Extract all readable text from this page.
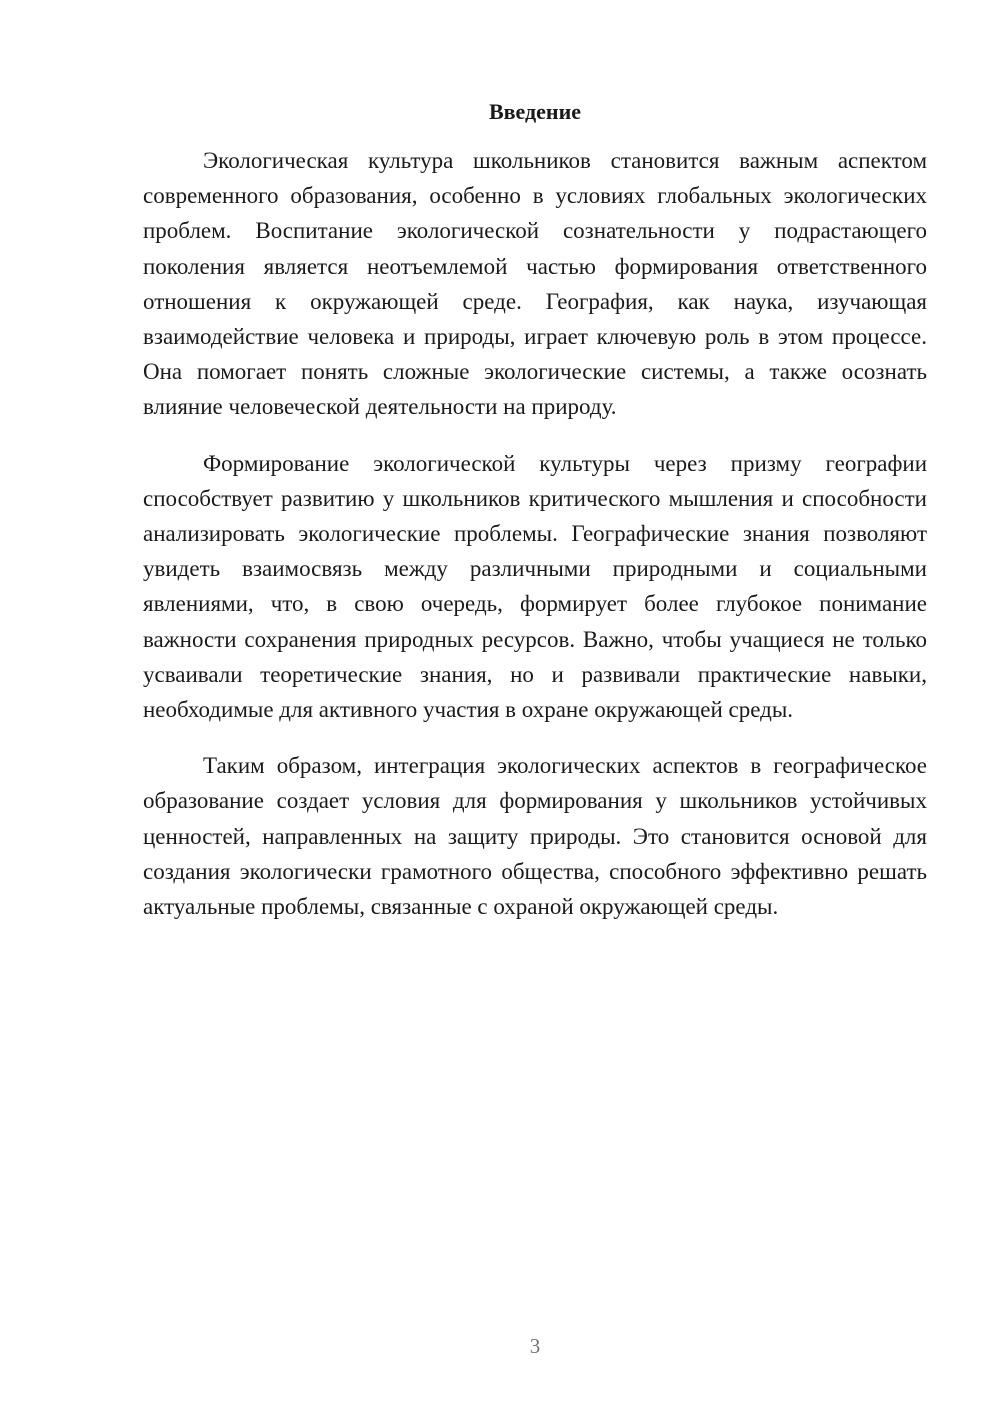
Введение

Экологическая культура школьников становится важным аспектом современного образования, особенно в условиях глобальных экологических проблем. Воспитание экологической сознательности у подрастающего поколения является неотъемлемой частью формирования ответственного отношения к окружающей среде. География, как наука, изучающая взаимодействие человека и природы, играет ключевую роль в этом процессе. Она помогает понять сложные экологические системы, а также осознать влияние человеческой деятельности на природу.

Формирование экологической культуры через призму географии способствует развитию у школьников критического мышления и способности анализировать экологические проблемы. Географические знания позволяют увидеть взаимосвязь между различными природными и социальными явлениями, что, в свою очередь, формирует более глубокое понимание важности сохранения природных ресурсов. Важно, чтобы учащиеся не только усваивали теоретические знания, но и развивали практические навыки, необходимые для активного участия в охране окружающей среды.

Таким образом, интеграция экологических аспектов в географическое образование создает условия для формирования у школьников устойчивых ценностей, направленных на защиту природы. Это становится основой для создания экологически грамотного общества, способного эффективно решать актуальные проблемы, связанные с охраной окружающей среды.

3
